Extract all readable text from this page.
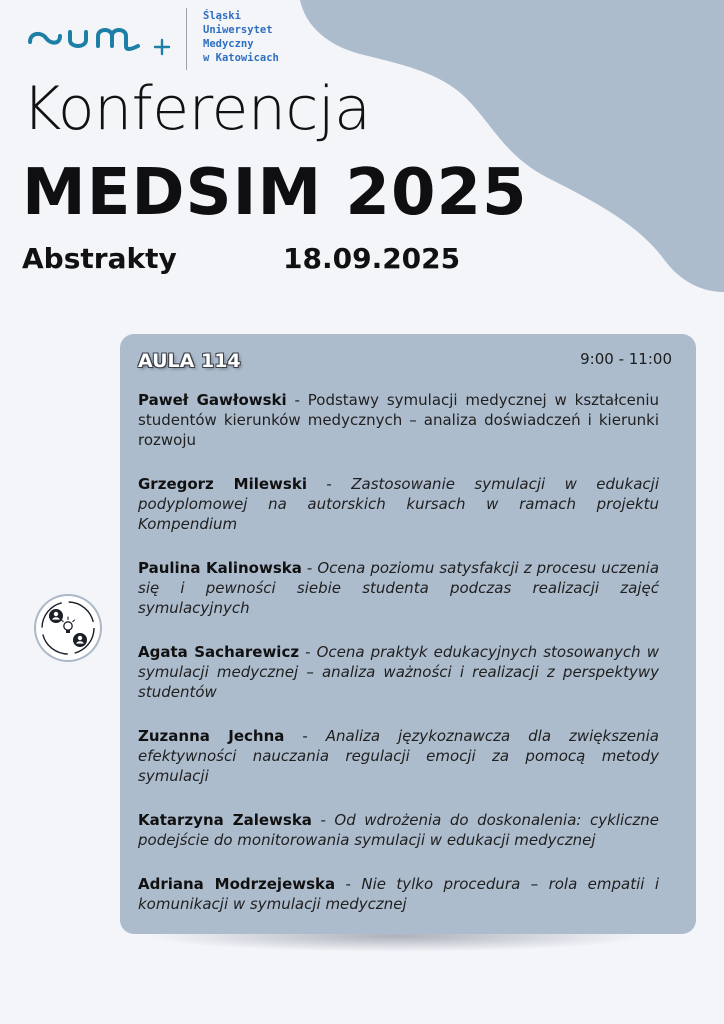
Śląski
Uniwersytet
Medyczny
w Katowicach
Konferencja
MEDSIM 2025
Abstrakty	18.09.2025
AULA 114	9:00 - 11:00
Paweł Gawłowski - Podstawy symulacji medycznej w kształceniu studentów kierunków medycznych – analiza doświadczeń i kierunki rozwoju
Grzegorz Milewski - Zastosowanie symulacji w edukacji podyplomowej na autorskich kursach w ramach projektu Kompendium
Paulina Kalinowska - Ocena poziomu satysfakcji z procesu uczenia się i pewności siebie studenta podczas realizacji zajęć symulacyjnych
Agata Sacharewicz - Ocena praktyk edukacyjnych stosowanych w symulacji medycznej – analiza ważności i realizacji z perspektywy studentów
Zuzanna Jechna - Analiza językoznawcza dla zwiększenia efektywności nauczania regulacji emocji za pomocą metody symulacji
Katarzyna Zalewska - Od wdrożenia do doskonalenia: cykliczne podejście do monitorowania symulacji w edukacji medycznej
Adriana Modrzejewska - Nie tylko procedura – rola empatii i komunikacji w symulacji medycznej
